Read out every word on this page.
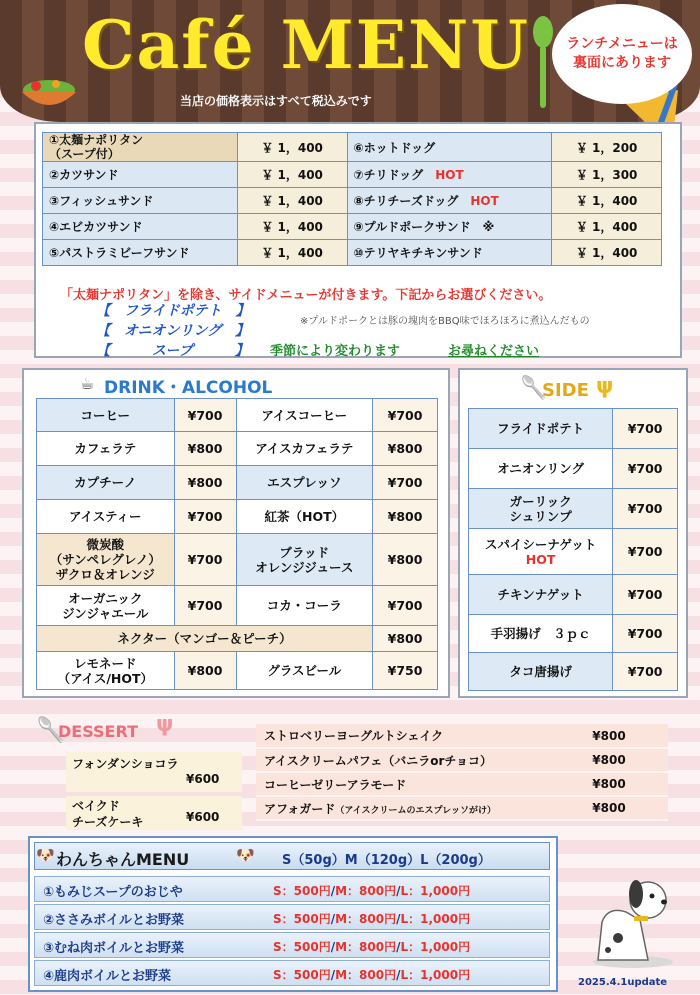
Café MENU
当店の価格表示はすべて税込みです
ランチメニューは
裏面にあります
①太麺ナポリタン
（スープ付）	￥ 1，400	⑥ホットドッグ	￥ 1，200
②カツサンド	￥ 1，400	⑦チリドッグ　 HOT	￥ 1，300
③フィッシュサンド	￥ 1，400	⑧チリチーズドッグ　 HOT	￥ 1，400
④エビカツサンド	￥ 1，400	⑨プルドポークサンド　※	￥ 1，400
⑤パストラミビーフサンド	￥ 1，400	⑩テリヤキチキンサンド	￥ 1，400
「太麺ナポリタン」を除き、サイドメニューが付きます。下記からお選びください。
【　フライドポテト　】
【　オニオンリング　】
【　　　スープ　　　】
※プルドポークとは豚の塊肉をBBQ味でほろほろに煮込んだもの
季節により変わります	お尋ねください
☕ DRINK・ALCOHOL
コーヒー	¥700	アイスコーヒー	¥700
カフェラテ	¥800	アイスカフェラテ	¥800
カプチーノ	¥800	エスプレッソ	¥700
アイスティー	¥700	紅茶（HOT）	¥800
微炭酸
（サンペレグレノ）
ザクロ＆オレンジ	¥700	ブラッド
オレンジジュース	¥800
オーガニック
ジンジャエール	¥700	コカ・コーラ	¥700
ネクター（マンゴー＆ピーチ）			¥800
レモネード
（アイス/HOT）	¥800	グラスビール	¥750
🥄
SIDE ψ
フライドポテト	¥700
オニオンリング	¥700
ガーリック
シュリンプ	¥700
スパイシーナゲット
HOT	¥700
チキンナゲット	¥700
手羽揚げ　３ｐｃ	¥700
タコ唐揚げ	¥700
🥄
DESSERT ψ
フォンダンショコラ
¥600
ベイクド
チーズケーキ	¥600
ストロベリーヨーグルトシェイク	¥800
アイスクリームパフェ（バニラorチョコ）	¥800
コーヒーゼリーアラモード	¥800
アフォガード（アイスクリームのエスプレッソがけ）	¥800
🐶 わんちゃんMENU	🐶 S（50g）M（120g）L（200g）
①もみじスープのおじや	S：500円/M：800円/L：1,000円
②ささみボイルとお野菜	S：500円/M：800円/L：1,000円
③むね肉ボイルとお野菜	S：500円/M：800円/L：1,000円
④鹿肉ボイルとお野菜	S：500円/M：800円/L：1,000円
2025.4.1update
